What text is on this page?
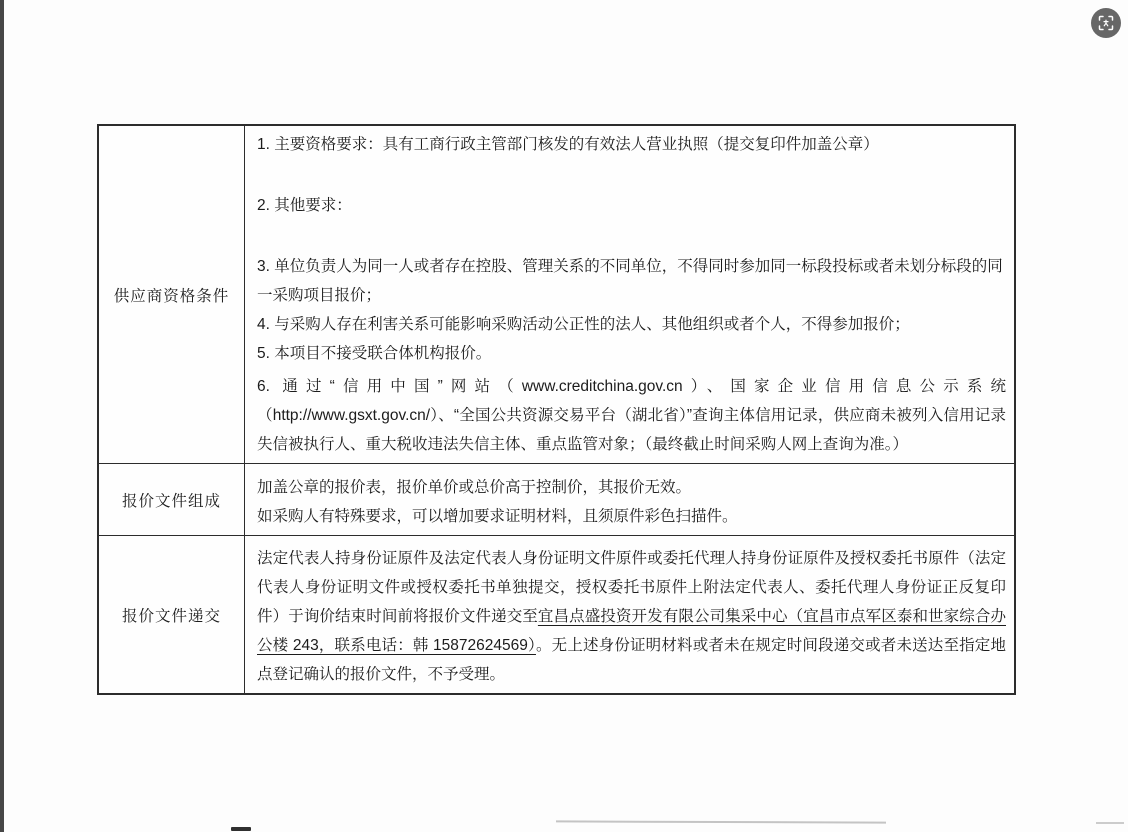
供应商资格条件

1. 主要资格要求：具有工商行政主管部门核发的有效法人营业执照（提交复印件加盖公章）

2. 其他要求：

3. 单位负责人为同一人或者存在控股、管理关系的不同单位，不得同时参加同一标段投标或者未划分标段的同一采购项目报价；

4. 与采购人存在利害关系可能影响采购活动公正性的法人、其他组织或者个人，不得参加报价；

5. 本项目不接受联合体机构报价。

6. 通过“信用中国”网站（www.creditchina.gov.cn）、国家企业信用信息公示系统（http://www.gsxt.gov.cn/）、“全国公共资源交易平台（湖北省）”查询主体信用记录，供应商未被列入信用记录失信被执行人、重大税收违法失信主体、重点监管对象；（最终截止时间采购人网上查询为准。）

报价文件组成

加盖公章的报价表，报价单价或总价高于控制价，其报价无效。

如采购人有特殊要求，可以增加要求证明材料，且须原件彩色扫描件。

报价文件递交

法定代表人持身份证原件及法定代表人身份证明文件原件或委托代理人持身份证原件及授权委托书原件（法定代表人身份证明文件或授权委托书单独提交，授权委托书原件上附法定代表人、委托代理人身份证正反复印件）于询价结束时间前将报价文件递交至宜昌点盛投资开发有限公司集采中心（宜昌市点军区泰和世家综合办公楼 243，联系电话：韩 15872624569）。无上述身份证明材料或者未在规定时间段递交或者未送达至指定地点登记确认的报价文件，不予受理。
